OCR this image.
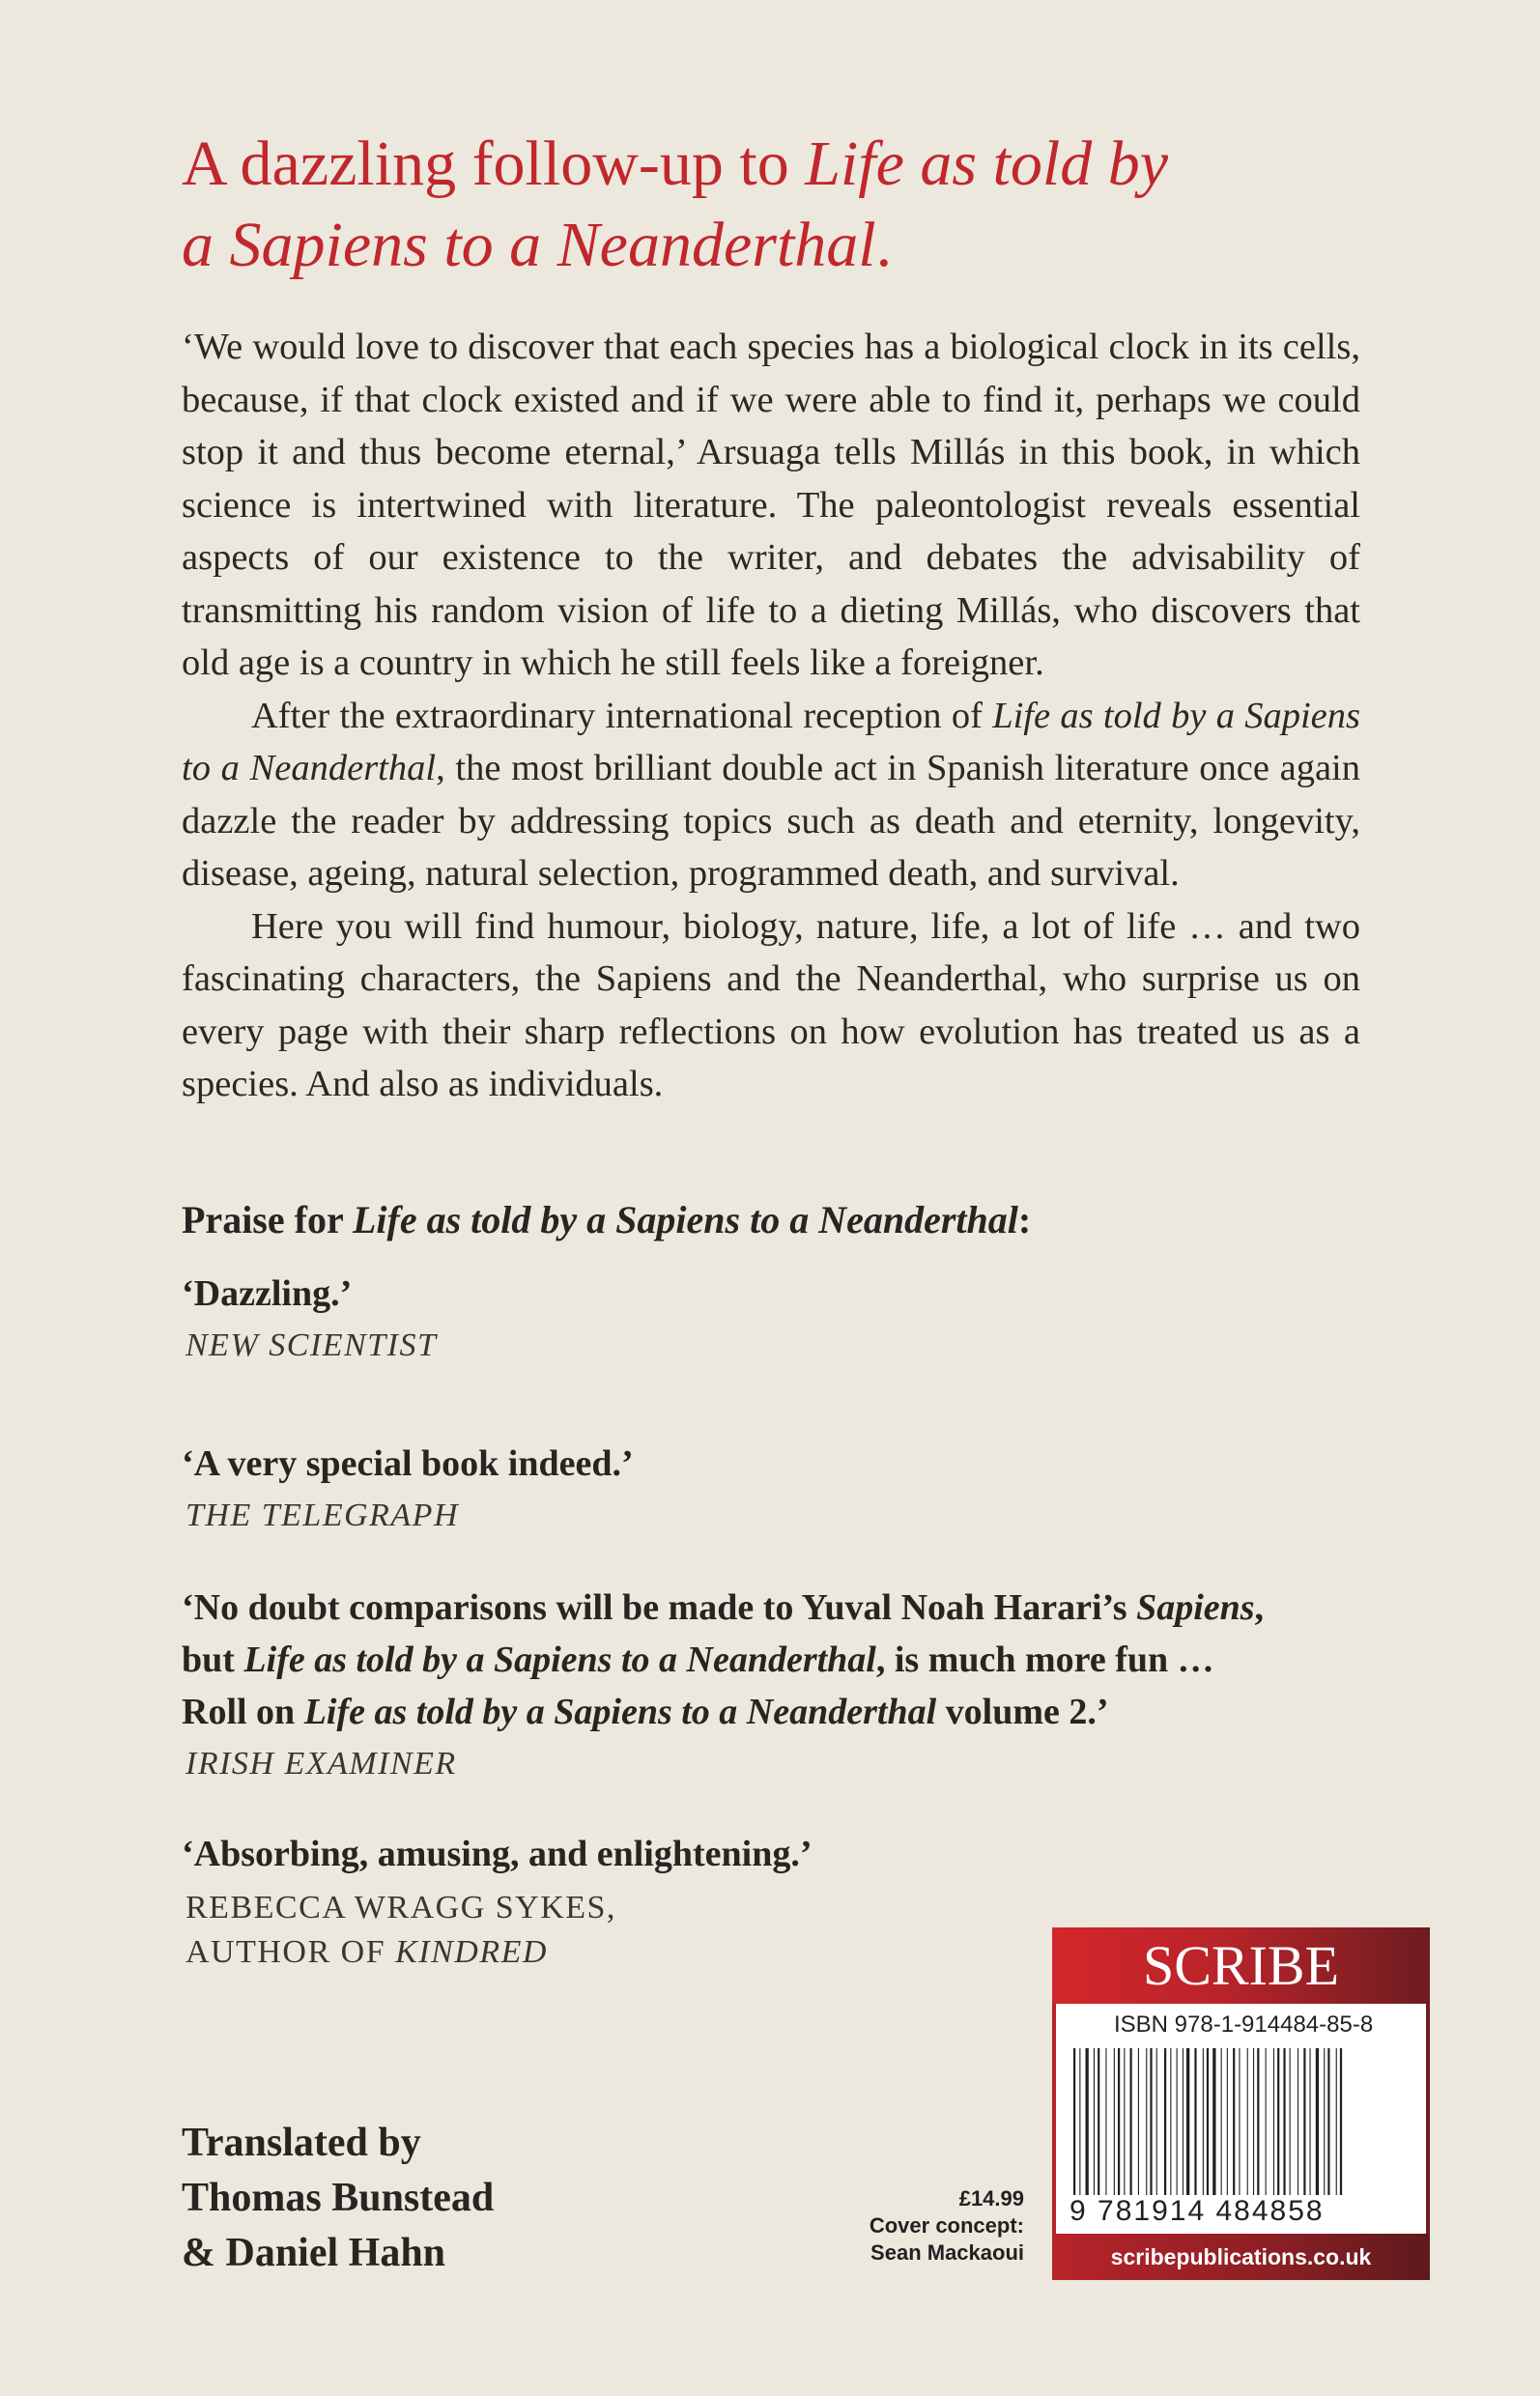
A dazzling follow-up to Life as told by
a Sapiens to a Neanderthal.

‘We would love to discover that each species has a biological clock in its cells, because, if that clock existed and if we were able to find it, perhaps we could stop it and thus become eternal,’ Arsuaga tells Millás in this book, in which science is intertwined with literature. The paleontologist reveals essential aspects of our existence to the writer, and debates the advisability of transmitting his random vision of life to a dieting Millás, who discovers that old age is a country in which he still feels like a foreigner.

After the extraordinary international reception of Life as told by a Sapiens to a Neanderthal, the most brilliant double act in Spanish literature once again dazzle the reader by addressing topics such as death and eternity, longevity, disease, ageing, natural selection, programmed death, and survival.

Here you will find humour, biology, nature, life, a lot of life … and two fascinating characters, the Sapiens and the Neanderthal, who surprise us on every page with their sharp reflections on how evolution has treated us as a species. And also as individuals.

Praise for Life as told by a Sapiens to a Neanderthal:

‘Dazzling.’

NEW SCIENTIST

‘A very special book indeed.’

THE TELEGRAPH

‘No doubt comparisons will be made to Yuval Noah Harari’s Sapiens,

but Life as told by a Sapiens to a Neanderthal, is much more fun …

Roll on Life as told by a Sapiens to a Neanderthal volume 2.’

IRISH EXAMINER

‘Absorbing, amusing, and enlightening.’

REBECCA WRAGG SYKES,

AUTHOR OF KINDRED

Translated by
Thomas Bunstead
& Daniel Hahn
£14.99
Cover concept:
Sean Mackaoui
SCRIBE
ISBN 978-1-914484-85-8
9 781914 484858
scribepublications.co.uk
